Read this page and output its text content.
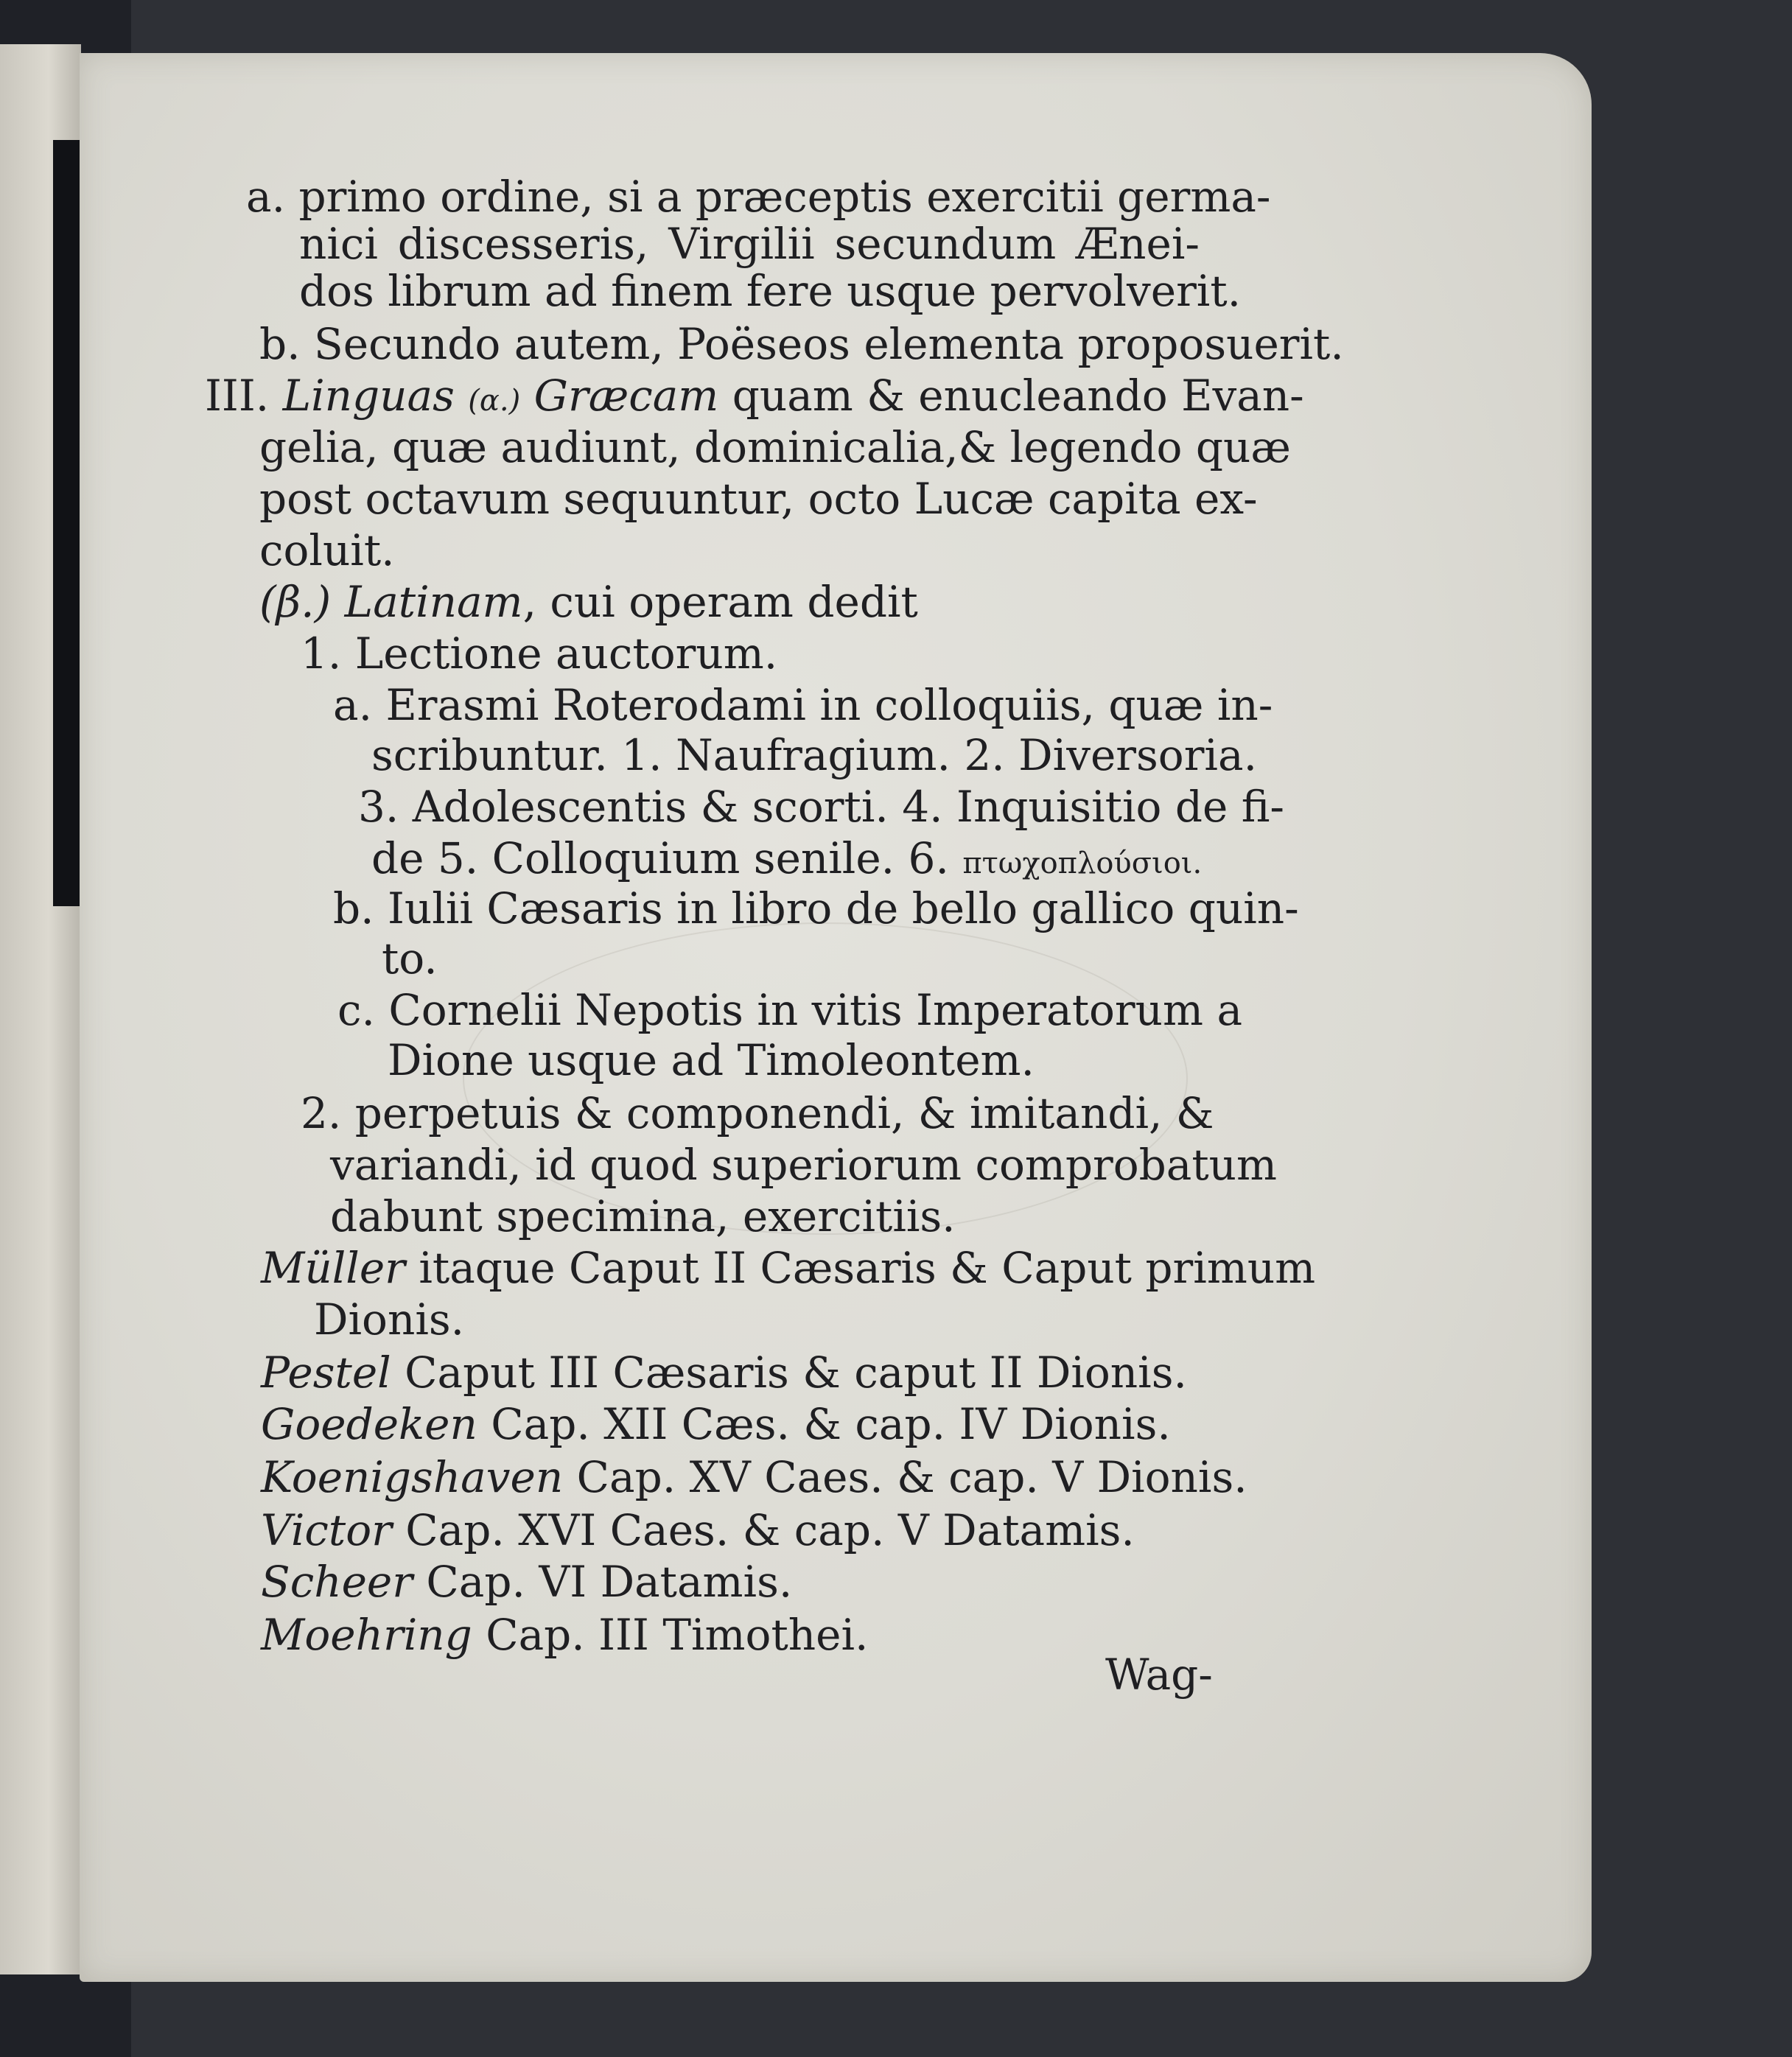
a. primo ordine, si a præceptis exercitii germa-
nici discesseris, Virgilii secundum Ænei-
dos librum ad finem fere usque pervolverit.
b. Secundo autem, Poëseos elementa proposuerit.
III. Linguas (α.) Græcam quam & enucleando Evan-
gelia, quæ audiunt, dominicalia,& legendo quæ
post octavum sequuntur, octo Lucæ capita ex-
coluit.
(β.) Latinam, cui operam dedit
1. Lectione auctorum.
a. Erasmi Roterodami in colloquiis, quæ in-
scribuntur. 1. Naufragium. 2. Diversoria.
3. Adolescentis & scorti. 4. Inquisitio de fi-
de 5. Colloquium senile. 6. πτωχοπλούσιοι.
b. Iulii Cæsaris in libro de bello gallico quin-
to.
c. Cornelii Nepotis in vitis Imperatorum a
Dione usque ad Timoleontem.
2. perpetuis & componendi, & imitandi, &
variandi, id quod superiorum comprobatum
dabunt specimina, exercitiis.
Müller itaque Caput II Cæsaris & Caput primum
Dionis.
Pestel Caput III Cæsaris & caput II Dionis.
Goedeken Cap. XII Cæs. & cap. IV Dionis.
Koenigshaven Cap. XV Caes. & cap. V Dionis.
Victor Cap. XVI Caes. & cap. V Datamis.
Scheer Cap. VI Datamis.
Moehring Cap. III Timothei.
Wag-
